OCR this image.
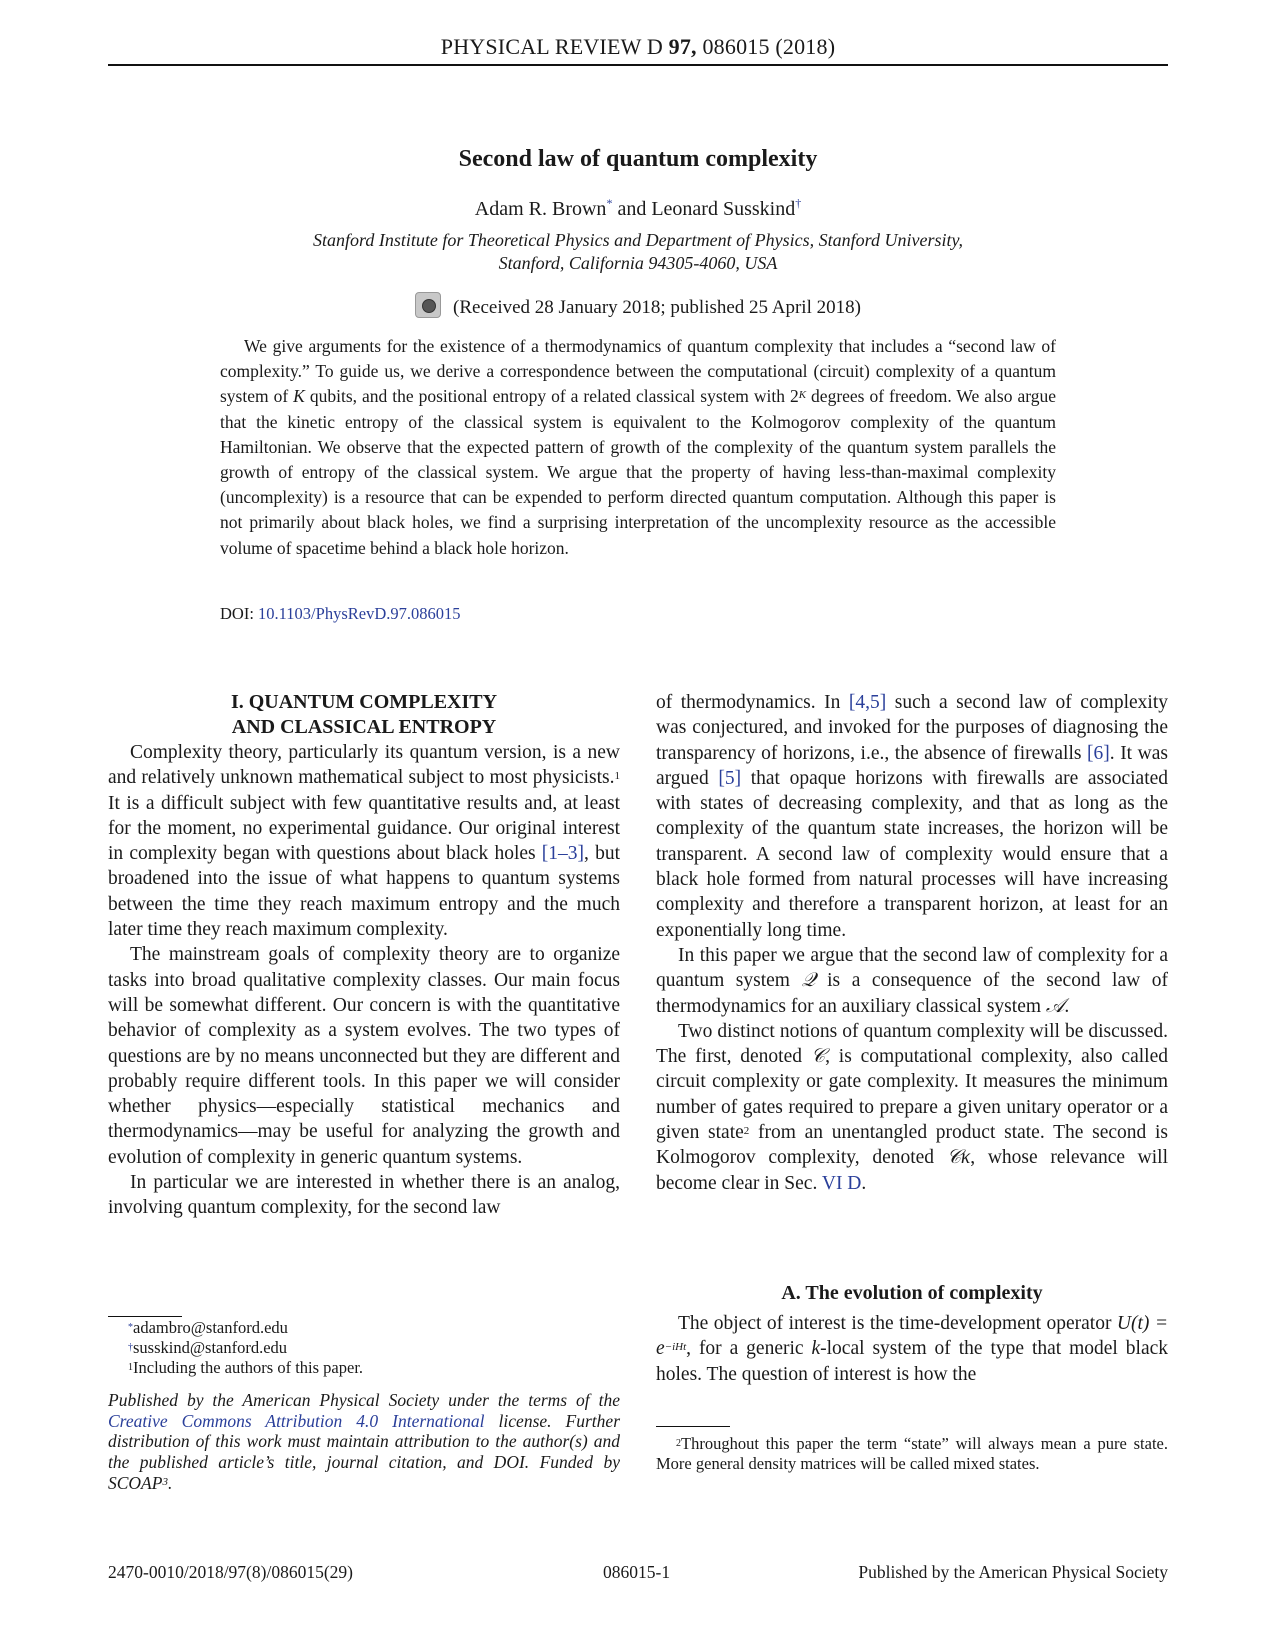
PHYSICAL REVIEW D 97, 086015 (2018)
Second law of quantum complexity
Adam R. Brown* and Leonard Susskind†
Stanford Institute for Theoretical Physics and Department of Physics, Stanford University,
Stanford, California 94305-4060, USA
(Received 28 January 2018; published 25 April 2018)
We give arguments for the existence of a thermodynamics of quantum complexity that includes a “second law of complexity.” To guide us, we derive a correspondence between the computational (circuit) complexity of a quantum system of K qubits, and the positional entropy of a related classical system with $2^K$ degrees of freedom. We also argue that the kinetic entropy of the classical system is equivalent to the Kolmogorov complexity of the quantum Hamiltonian. We observe that the expected pattern of growth of the complexity of the quantum system parallels the growth of entropy of the classical system. We argue that the property of having less-than-maximal complexity (uncomplexity) is a resource that can be expended to perform directed quantum computation. Although this paper is not primarily about black holes, we find a surprising interpretation of the uncomplexity resource as the accessible volume of spacetime behind a black hole horizon.
DOI: 10.1103/PhysRevD.97.086015
I. QUANTUM COMPLEXITY
AND CLASSICAL ENTROPY

Complexity theory, particularly its quantum version, is a new and relatively unknown mathematical subject to most physicists.$^1$ It is a difficult subject with few quantitative results and, at least for the moment, no experimental guidance. Our original interest in complexity began with questions about black holes [1–3], but broadened into the issue of what happens to quantum systems between the time they reach maximum entropy and the much later time they reach maximum complexity.

The mainstream goals of complexity theory are to organize tasks into broad qualitative complexity classes. Our main focus will be somewhat different. Our concern is with the quantitative behavior of complexity as a system evolves. The two types of questions are by no means unconnected but they are different and probably require different tools. In this paper we will consider whether physics—especially statistical mechanics and thermodynamics—may be useful for analyzing the growth and evolution of complexity in generic quantum systems.

In particular we are interested in whether there is an analog, involving quantum complexity, for the second law

of thermodynamics. In [4,5] such a second law of complexity was conjectured, and invoked for the purposes of diagnosing the transparency of horizons, i.e., the absence of firewalls [6]. It was argued [5] that opaque horizons with firewalls are associated with states of decreasing complexity, and that as long as the complexity of the quantum state increases, the horizon will be transparent. A second law of complexity would ensure that a black hole formed from natural processes will have increasing complexity and therefore a transparent horizon, at least for an exponentially long time.

In this paper we argue that the second law of complexity for a quantum system 𝒬 is a consequence of the second law of thermodynamics for an auxiliary classical system 𝒜.

Two distinct notions of quantum complexity will be discussed. The first, denoted 𝒞, is computational complexity, also called circuit complexity or gate complexity. It measures the minimum number of gates required to prepare a given unitary operator or a given state$^2$ from an unentangled product state. The second is Kolmogorov complexity, denoted 𝒞κ, whose relevance will become clear in Sec. VI D.

A. The evolution of complexity

The object of interest is the time-development operator $U(t) = e^{-iHt}$, for a generic k-local system of the type that model black holes. The question of interest is how the

*adambro@stanford.edu
†susskind@stanford.edu
$^1$Including the authors of this paper.
Published by the American Physical Society under the terms of the Creative Commons Attribution 4.0 International license. Further distribution of this work must maintain attribution to the author(s) and the published article’s title, journal citation, and DOI. Funded by SCOAP$^3$.
$^2$Throughout this paper the term “state” will always mean a pure state. More general density matrices will be called mixed states.
2470-0010/2018/97(8)/086015(29)	086015-1	Published by the American Physical Society
